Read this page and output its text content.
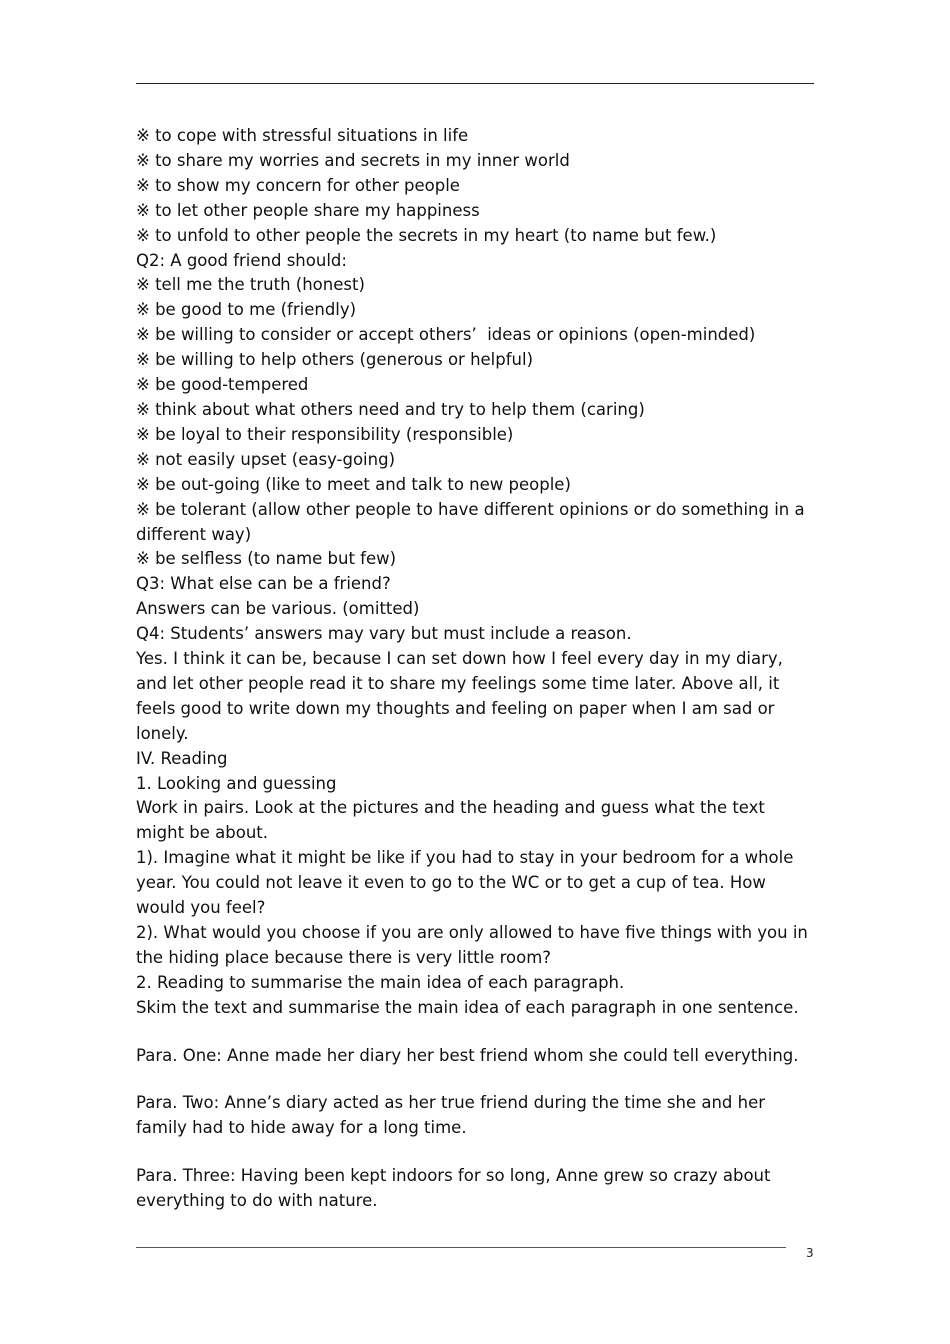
※ to cope with stressful situations in life
※ to share my worries and secrets in my inner world
※ to show my concern for other people
※ to let other people share my happiness
※ to unfold to other people the secrets in my heart (to name but few.)
Q2: A good friend should:
※ tell me the truth (honest)
※ be good to me (friendly)
※ be willing to consider or accept others’  ideas or opinions (open-minded)
※ be willing to help others (generous or helpful)
※ be good-tempered
※ think about what others need and try to help them (caring)
※ be loyal to their responsibility (responsible)
※ not easily upset (easy-going)
※ be out-going (like to meet and talk to new people)
※ be tolerant (allow other people to have different opinions or do something in a different way)
※ be selfless (to name but few)
Q3: What else can be a friend?
Answers can be various. (omitted)
Q4: Students’ answers may vary but must include a reason.
Yes. I think it can be, because I can set down how I feel every day in my diary, and let other people read it to share my feelings some time later. Above all, it feels good to write down my thoughts and feeling on paper when I am sad or lonely.
IV. Reading
1. Looking and guessing
Work in pairs. Look at the pictures and the heading and guess what the text might be about.
1). Imagine what it might be like if you had to stay in your bedroom for a whole year. You could not leave it even to go to the WC or to get a cup of tea. How would you feel?
2). What would you choose if you are only allowed to have five things with you in the hiding place because there is very little room?
2. Reading to summarise the main idea of each paragraph.
Skim the text and summarise the main idea of each paragraph in one sentence.
Para. One: Anne made her diary her best friend whom she could tell everything.
Para. Two: Anne’s diary acted as her true friend during the time she and her family had to hide away for a long time.
Para. Three: Having been kept indoors for so long, Anne grew so crazy about everything to do with nature.
3
